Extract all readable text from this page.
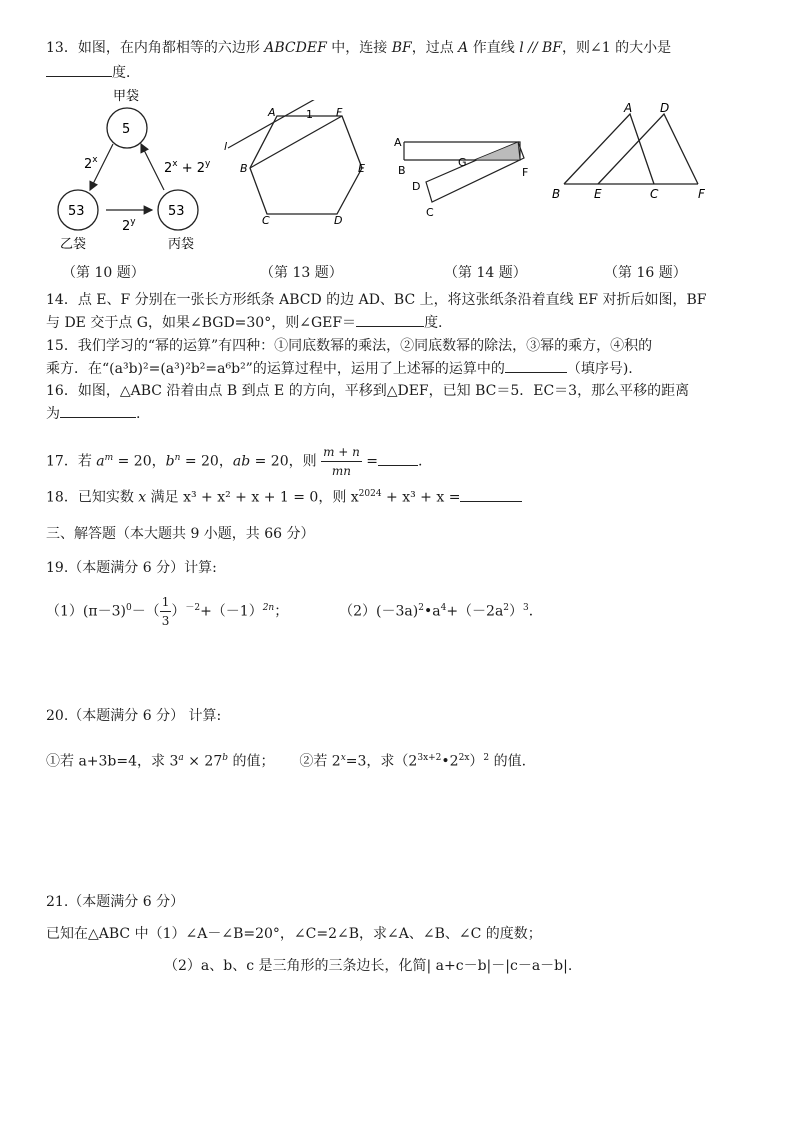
13．如图，在内角都相等的六边形 ABCDEF 中，连接 BF，过点 A 作直线 l // BF，则∠1 的大小是
度．
甲袋
5
53	53
2$^x$
$2^x + 2^y$
2$^y$
乙袋	丙袋
A	1 F
l
B	E
C	D
A
B
G
F
D
C
A D
B	E	C	F
（第 10 题）	（第 13 题）	（第 14 题）	（第 16 题）
14．点 E、F 分别在一张长方形纸条 ABCD 的边 AD、BC 上，将这张纸条沿着直线 EF 对折后如图，BF
与 DE 交于点 G，如果∠BGD=30°，则∠GEF＝	度.
15．我们学习的“幂的运算”有四种：①同底数幂的乘法，②同底数幂的除法，③幂的乘方，④积的
乘方．在“(a³b)²=(a³)²b²=a⁶b²”的运算过程中，运用了上述幂的运算中的	（填序号).
16．如图，△ABC 沿着由点 B 到点 E 的方向，平移到△DEF，已知 BC＝5．EC＝3，那么平移的距离
为	.
17．若 $a^m = 20$，$b^n = 20$，ab = 20，则 $\frac{m + n}{mn}$ =	.
18．已知实数 x 满足 x³ + x² + x + 1 = 0，则 $x^{2024} + x^3 + x$ =
三、解答题（本大题共 9 小题，共 66 分）
19.（本题满分 6 分）计算:
$(1)(\pi-3)^0-( \frac{1}{3} )^{-2}+(-1)^{2n}$；	$(2)(-3a)^2•a^4+(-2a^2)^3$．
20.（本题满分 6 分） 计算:
①若 a+3b=4，求 $3^a \times 27^b$ 的值； ②若 $2^x=3$，求$(2^{3x+2}•2^{2x})^2$ 的值.
21.（本题满分 6 分）
已知在△ABC 中（1）∠A－∠B=20°，∠C=2∠B，求∠A、∠B、∠C 的度数；
（2）a、b、c 是三角形的三条边长，化简| a+c－b|－|c－a－b|.
